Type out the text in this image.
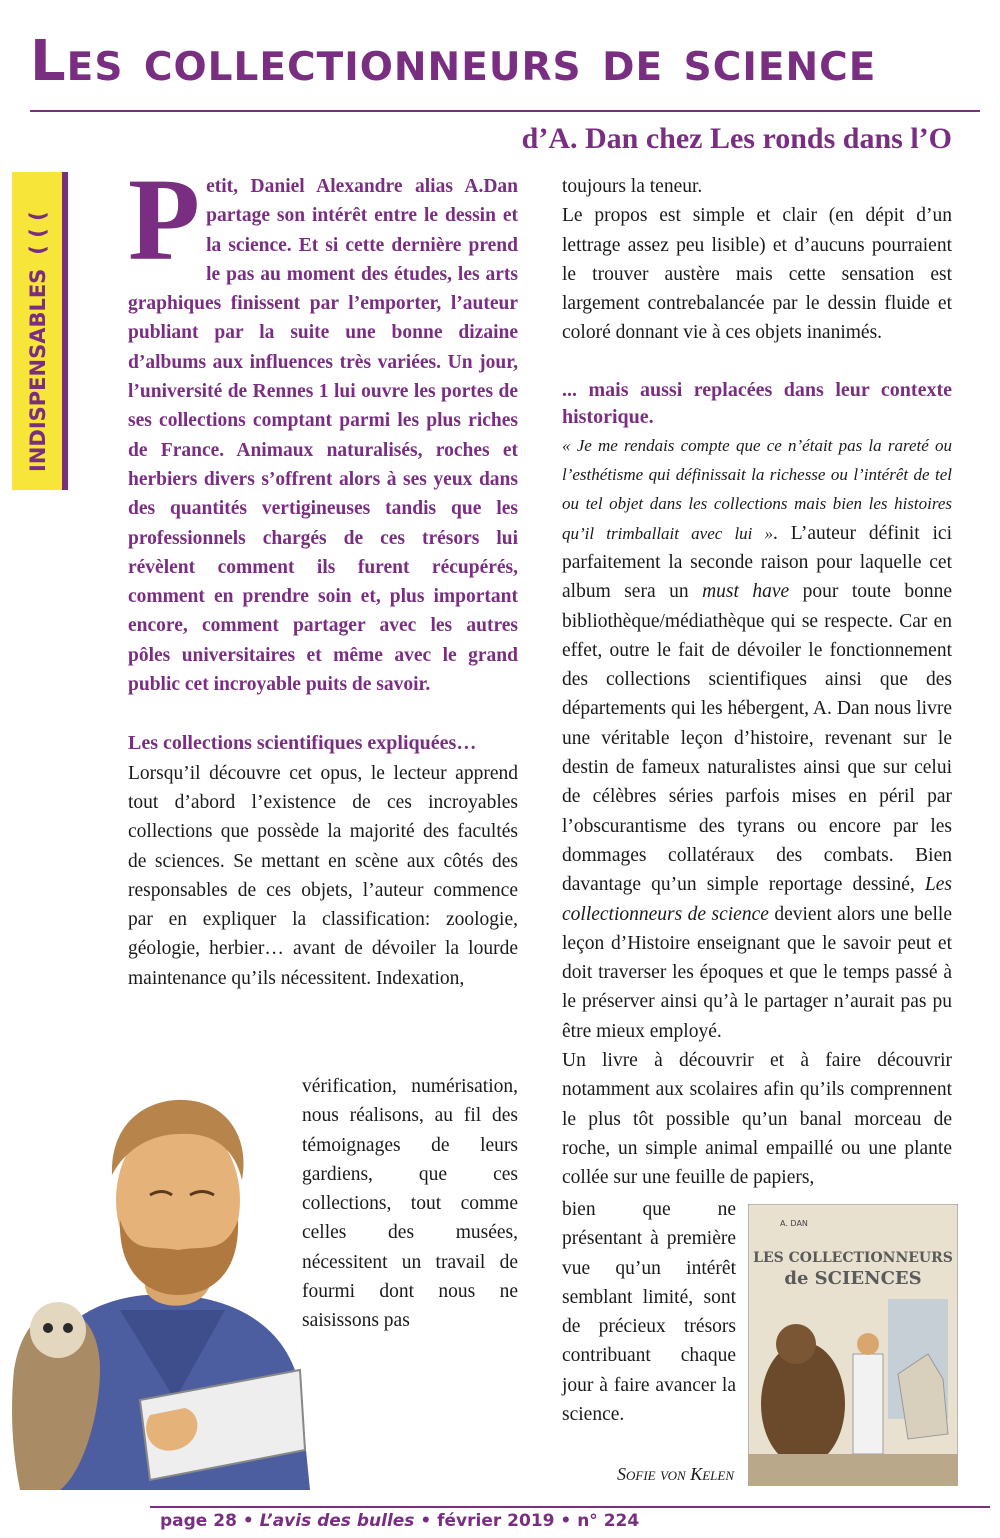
Les collectionneurs de science
d’A. Dan chez Les ronds dans l’O
INDISPENSABLES
( ( ( Petit, Daniel Alexandre alias A.Dan partage son intérêt entre le dessin et la science. Et si cette dernière prend le pas au moment des études, les arts graphiques finissent par l’emporter, l’auteur publiant par la suite une bonne dizaine d’albums aux influences très variées. Un jour, l’université de Rennes 1 lui ouvre les portes de ses collections comptant parmi les plus riches de France. Animaux naturalisés, roches et herbiers divers s’offrent alors à ses yeux dans des quantités vertigineuses tandis que les professionnels chargés de ces trésors lui révèlent comment ils furent récupérés, comment en prendre soin et, plus important encore, comment partager avec les autres pôles universitaires et même avec le grand public cet incroyable puits de savoir.

Les collections scientifiques expliquées…

Lorsqu’il découvre cet opus, le lecteur apprend tout d’abord l’existence de ces incroyables collections que possède la majorité des facultés de sciences. Se mettant en scène aux côtés des responsables de ces objets, l’auteur commence par en expliquer la classification: zoologie, géologie, herbier… avant de dévoiler la lourde maintenance qu’ils nécessitent. Indexation,

vérification, numérisation, nous réalisons, au fil des témoignages de leurs gardiens, que ces collections, tout comme celles des musées, nécessitent un travail de fourmi dont nous ne saisissons pas

toujours la teneur.

Le propos est simple et clair (en dépit d’un lettrage assez peu lisible) et d’aucuns pourraient le trouver austère mais cette sensation est largement contrebalancée par le dessin fluide et coloré donnant vie à ces objets inanimés.

... mais aussi replacées dans leur contexte historique.

« Je me rendais compte que ce n’était pas la rareté ou l’esthétisme qui définissait la richesse ou l’intérêt de tel ou tel objet dans les collections mais bien les histoires qu’il trimballait avec lui ». L’auteur définit ici parfaitement la seconde raison pour laquelle cet album sera un must have pour toute bonne bibliothèque/médiathèque qui se respecte. Car en effet, outre le fait de dévoiler le fonctionnement des collections scientifiques ainsi que des départements qui les hébergent, A. Dan nous livre une véritable leçon d’histoire, revenant sur le destin de fameux naturalistes ainsi que sur celui de célèbres séries parfois mises en péril par l’obscurantisme des tyrans ou encore par les dommages collatéraux des combats. Bien davantage qu’un simple reportage dessiné, Les collectionneurs de science devient alors une belle leçon d’Histoire enseignant que le savoir peut et doit traverser les époques et que le temps passé à le préserver ainsi qu’à le partager n’aurait pas pu être mieux employé.

Un livre à découvrir et à faire découvrir notamment aux scolaires afin qu’ils comprennent le plus tôt possible qu’un banal morceau de roche, un simple animal empaillé ou une plante collée sur une feuille de papiers,

bien que ne présentant à première vue qu’un intérêt semblant limité, sont de précieux trésors contribuant chaque jour à faire avancer la science.

A. DAN
LES COLLECTIONNEURS
de SCIENCES
Sofie von Kelen
page 28 • L’avis des bulles • février 2019 • n° 224
